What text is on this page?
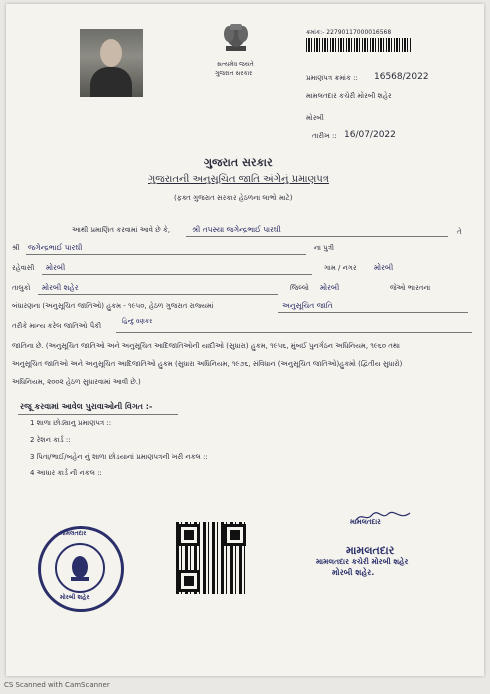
સત્યમેવ જયતે
ગુજરાત સરકાર
ક્રમાંક:- 22790117000016568
પ્રમાણપત્ર ક્રમાંક :: 16568/2022
મામલતદાર કચેરી મોરબી શહેર
મોરબી
તારીખ :: 16/07/2022
ગુજરાત સરકાર
ગુજરાતની અનુસૂચિત જાતિ અંગેનું પ્રમાણપત્ર
(ફક્ત ગુજરાત સરકાર હેઠળના લાભો માટે)
આથી પ્રમાણિત કરવામાં આવે છે કે,	શ્રી તપસ્યા જગેન્દ્રભાઈ પારઘી	તે
શ્રી જગેન્દ્રભાઈ પારઘી	ના પુત્રી
રહેવાસી મોરબી	ગામ / નગર મોરબી
તાલુકો મોરબી શહેર	જિલ્લો મોરબી	જેઓ ભારતના
બંધારણના (અનુસૂચિત જાતિઓ) હુકમ - ૧૯૫૦, હેઠળ ગુજરાત રાજ્યમાં	અનુસૂચિત જાતિ
તરીકે માન્ય કરેલ જાતિઓ પૈકી
હિન્દુ વણકર
જાતિના છે. (અનુસૂચિત જાતિઓ અને અનુસૂચિત આદિજાતિઓની યાદીઓ (સુધારા) હુકમ, ૧૯૫૬, મુંબઈ પુનર્ગઠન અધિનિયમ, ૧૯૬૦ તથા
અનુસૂચિત જાતિઓ અને અનુસૂચિત આદિજાતિઓ હુકમ (સુધારા અધિનિયમ, ૧૯૭૬, સંવિધાન (અનુસૂચિત જાતિઓ)હુકમો (દ્વિતીય સુધારો)
અધિનિયમ, ૨૦૦૨ હેઠળ સુધારવામાં આવી છે.)
રજૂ કરવામાં આવેલ પુરાવાઓની વિગત :-
1 શાળા છોડ્યાનુ પ્રમાણપત્ર ::
2 રેશન કાર્ડ ::
3 પિતા/ભાઈ/બહેન નું શાળા છોડયાનાં પ્રમાણપત્રની ખરી નકલ ::
4 આધાર કાર્ડ ની નકલ ::
મામલતદાર
મોરબી શહેર
મામલતદાર
મામલતદાર
મામલતદાર કચેરી મોરબી શહેર
મોરબી શહેર.
CS Scanned with CamScanner
